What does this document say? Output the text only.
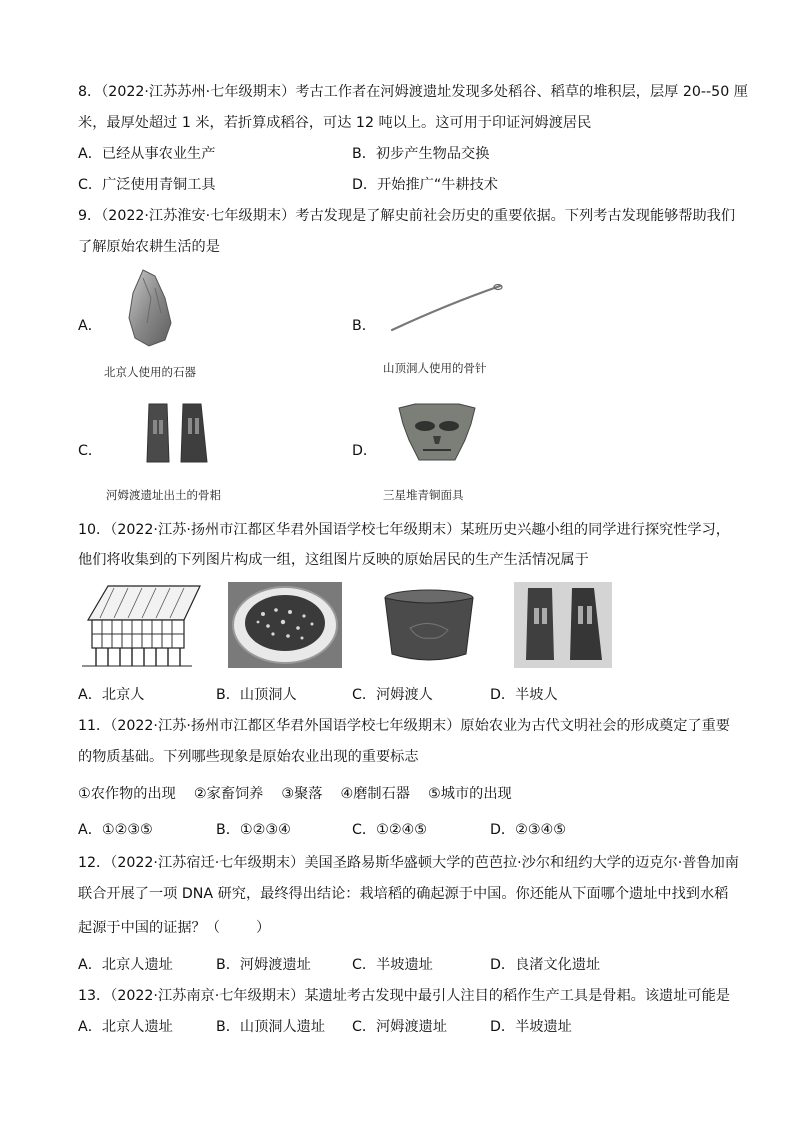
8．（2022·江苏苏州·七年级期末）考古工作者在河姆渡遗址发现多处稻谷、稻草的堆积层，层厚 20--50 厘
米，最厚处超过 1 米，若折算成稻谷，可达 12 吨以上。这可用于印证河姆渡居民
A．已经从事农业生产	B．初步产生物品交换
C．广泛使用青铜工具	D．开始推广“牛耕技术
9．（2022·江苏淮安·七年级期末）考古发现是了解史前社会历史的重要依据。下列考古发现能够帮助我们
了解原始农耕生活的是
A．
北京人使用的石器
B．
山顶洞人使用的骨针
C．
河姆渡遗址出土的骨耜
D．
三星堆青铜面具
10．（2022·江苏·扬州市江都区华君外国语学校七年级期末）某班历史兴趣小组的同学进行探究性学习，
他们将收集到的下列图片构成一组，这组图片反映的原始居民的生产生活情况属于
A．北京人	B．山顶洞人	C．河姆渡人	D．半坡人
11．（2022·江苏·扬州市江都区华君外国语学校七年级期末）原始农业为古代文明社会的形成奠定了重要
的物质基础。下列哪些现象是原始农业出现的重要标志
①农作物的出现    ②家畜饲养    ③聚落    ④磨制石器    ⑤城市的出现
A．①②③⑤	B．①②③④	C．①②④⑤	D．②③④⑤
12．（2022·江苏宿迁·七年级期末）美国圣路易斯华盛顿大学的芭芭拉·沙尔和纽约大学的迈克尔·普鲁加南
联合开展了一项 DNA 研究，最终得出结论：栽培稻的确起源于中国。你还能从下面哪个遗址中找到水稻
起源于中国的证据？（        ）
A．北京人遗址	B．河姆渡遗址	C．半坡遗址	D．良渚文化遗址
13．（2022·江苏南京·七年级期末）某遗址考古发现中最引人注目的稻作生产工具是骨耜。该遗址可能是
A．北京人遗址	B．山顶洞人遗址 C．河姆渡遗址	D．半坡遗址
